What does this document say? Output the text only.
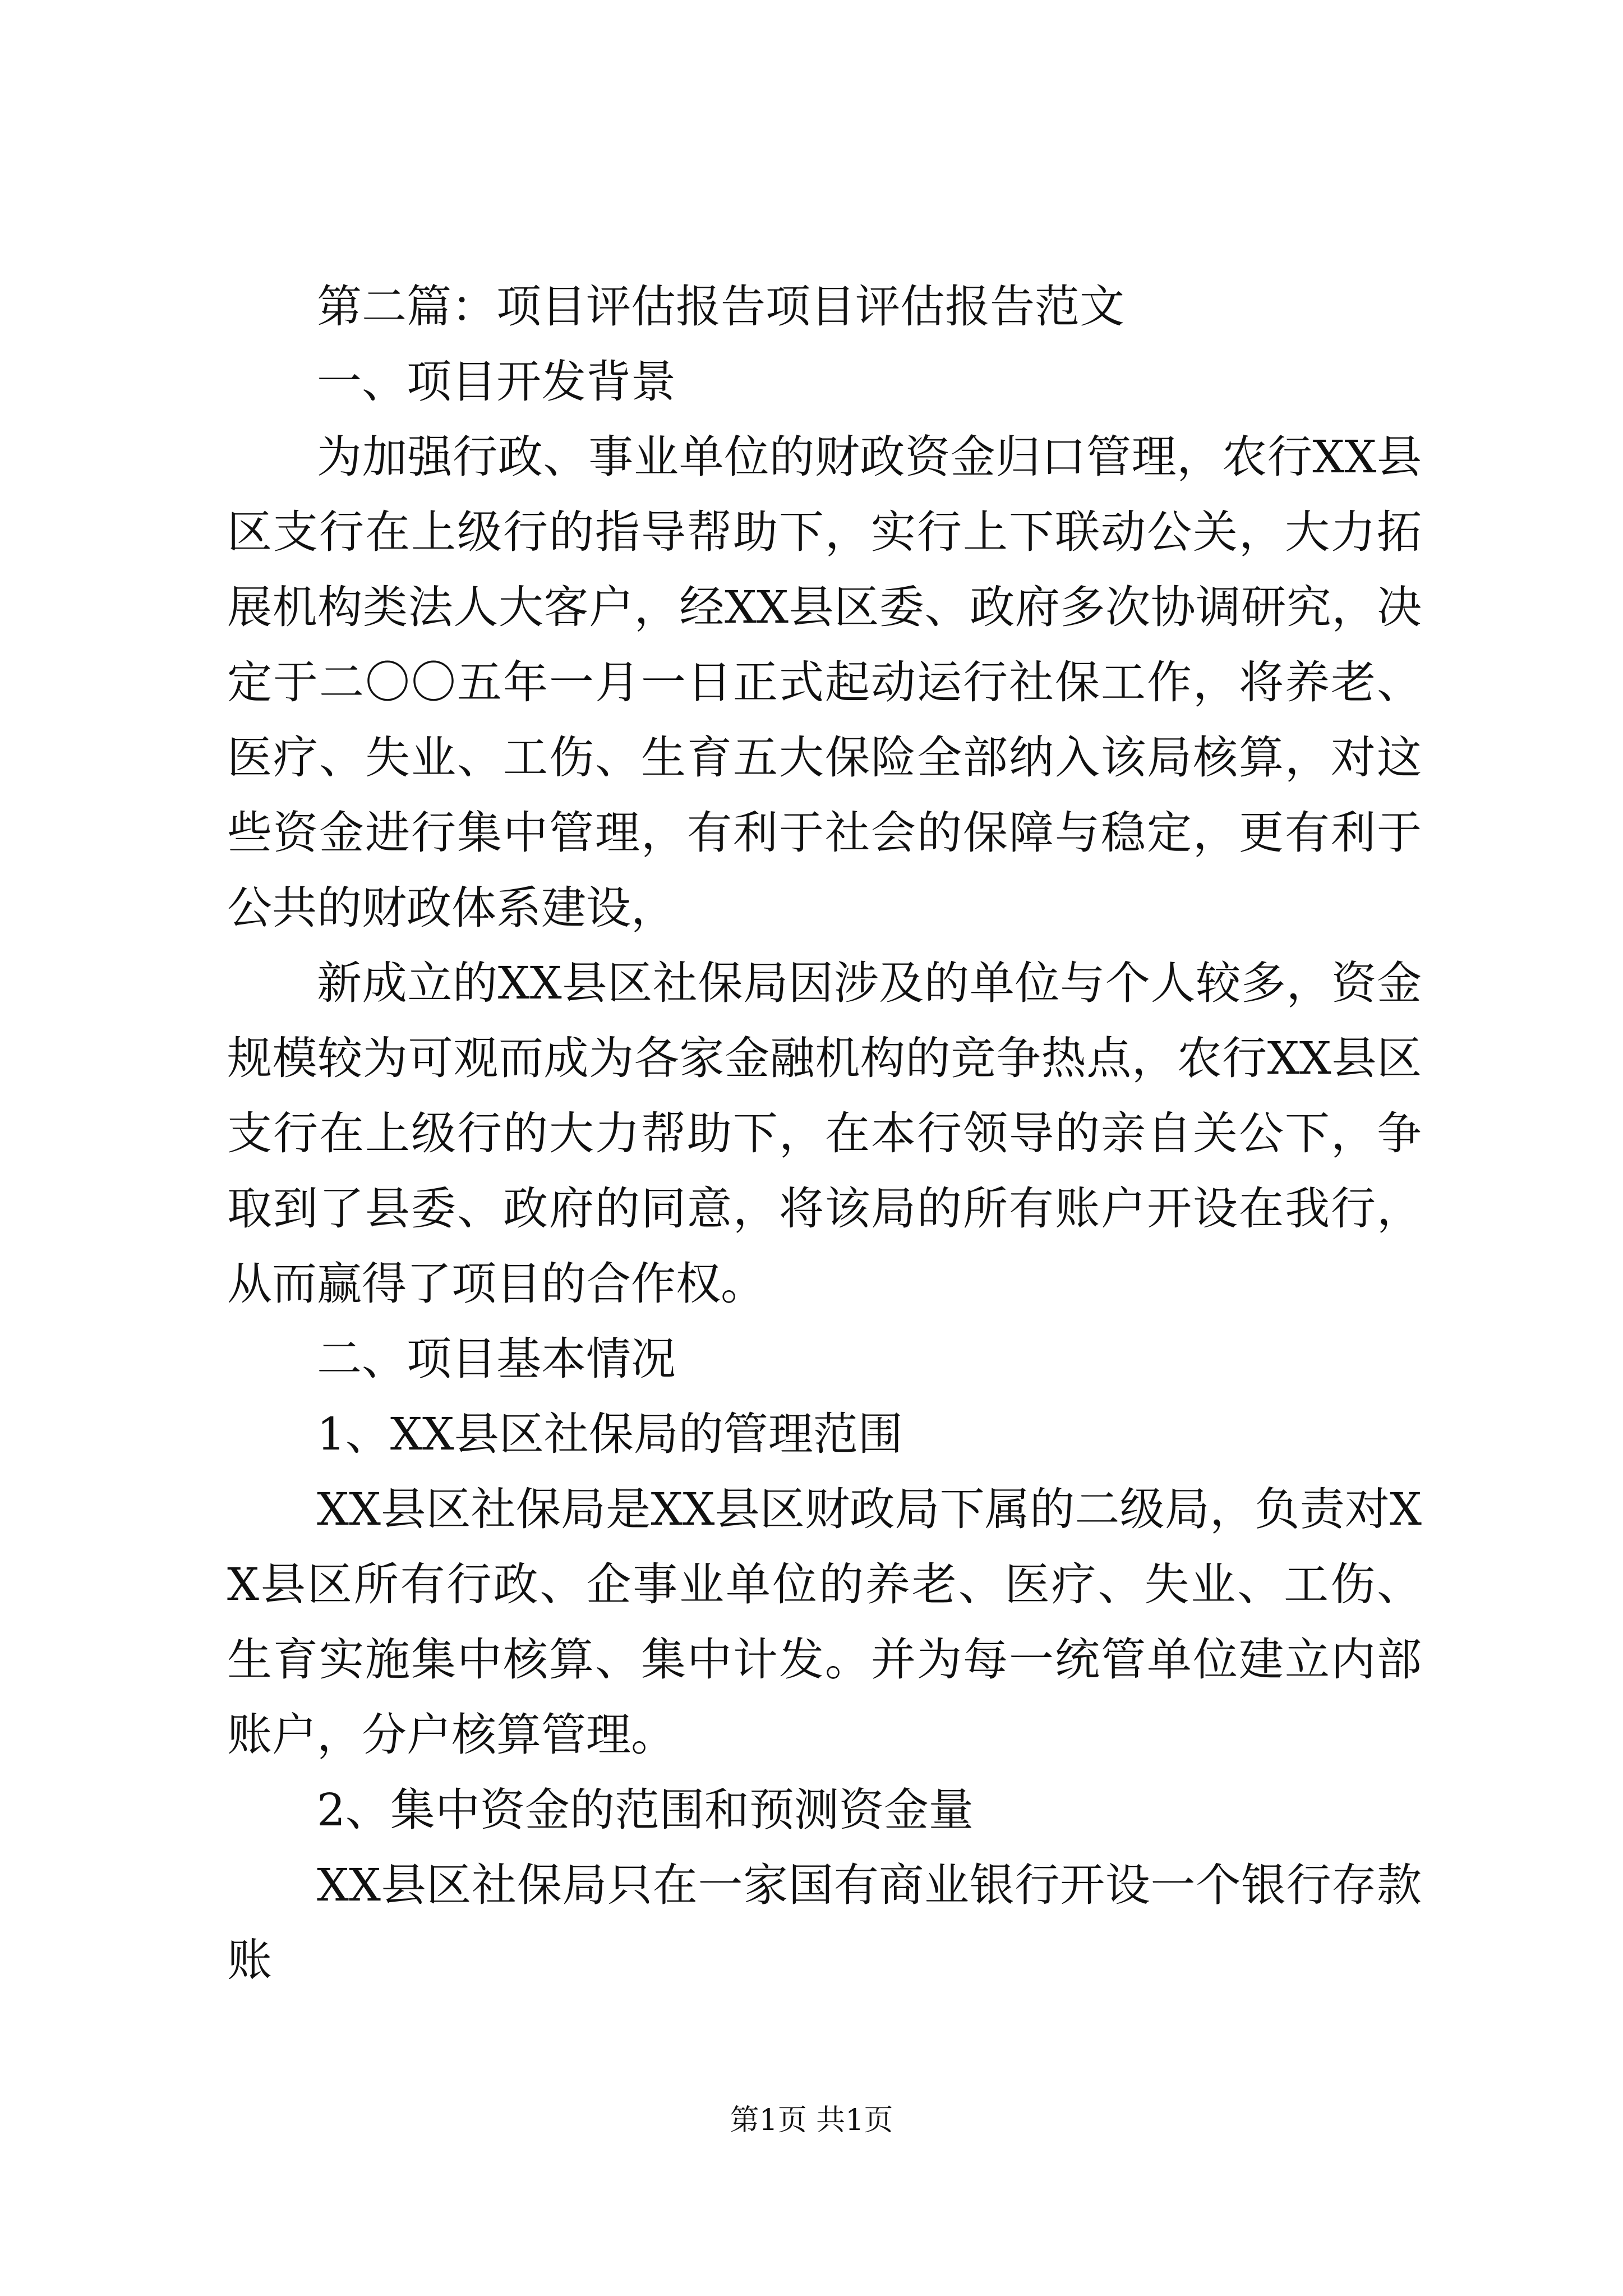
第二篇：项目评估报告项目评估报告范文

一、项目开发背景

为加强行政、事业单位的财政资金归口管理，农行XX县区支行在上级行的指导帮助下，实行上下联动公关，大力拓展机构类法人大客户，经XX县区委、政府多次协调研究，决定于二〇〇五年一月一日正式起动运行社保工作，将养老、医疗、失业、工伤、生育五大保险全部纳入该局核算，对这些资金进行集中管理，有利于社会的保障与稳定，更有利于公共的财政体系建设，

新成立的XX县区社保局因涉及的单位与个人较多，资金规模较为可观而成为各家金融机构的竞争热点，农行XX县区支行在上级行的大力帮助下，在本行领导的亲自关公下，争取到了县委、政府的同意，将该局的所有账户开设在我行，从而赢得了项目的合作权。

二、项目基本情况

1、XX县区社保局的管理范围

XX县区社保局是XX县区财政局下属的二级局，负责对XX县区所有行政、企事业单位的养老、医疗、失业、工伤、生育实施集中核算、集中计发。并为每一统管单位建立内部账户，分户核算管理。

2、集中资金的范围和预测资金量

XX县区社保局只在一家国有商业银行开设一个银行存款账

第1页 共1页
